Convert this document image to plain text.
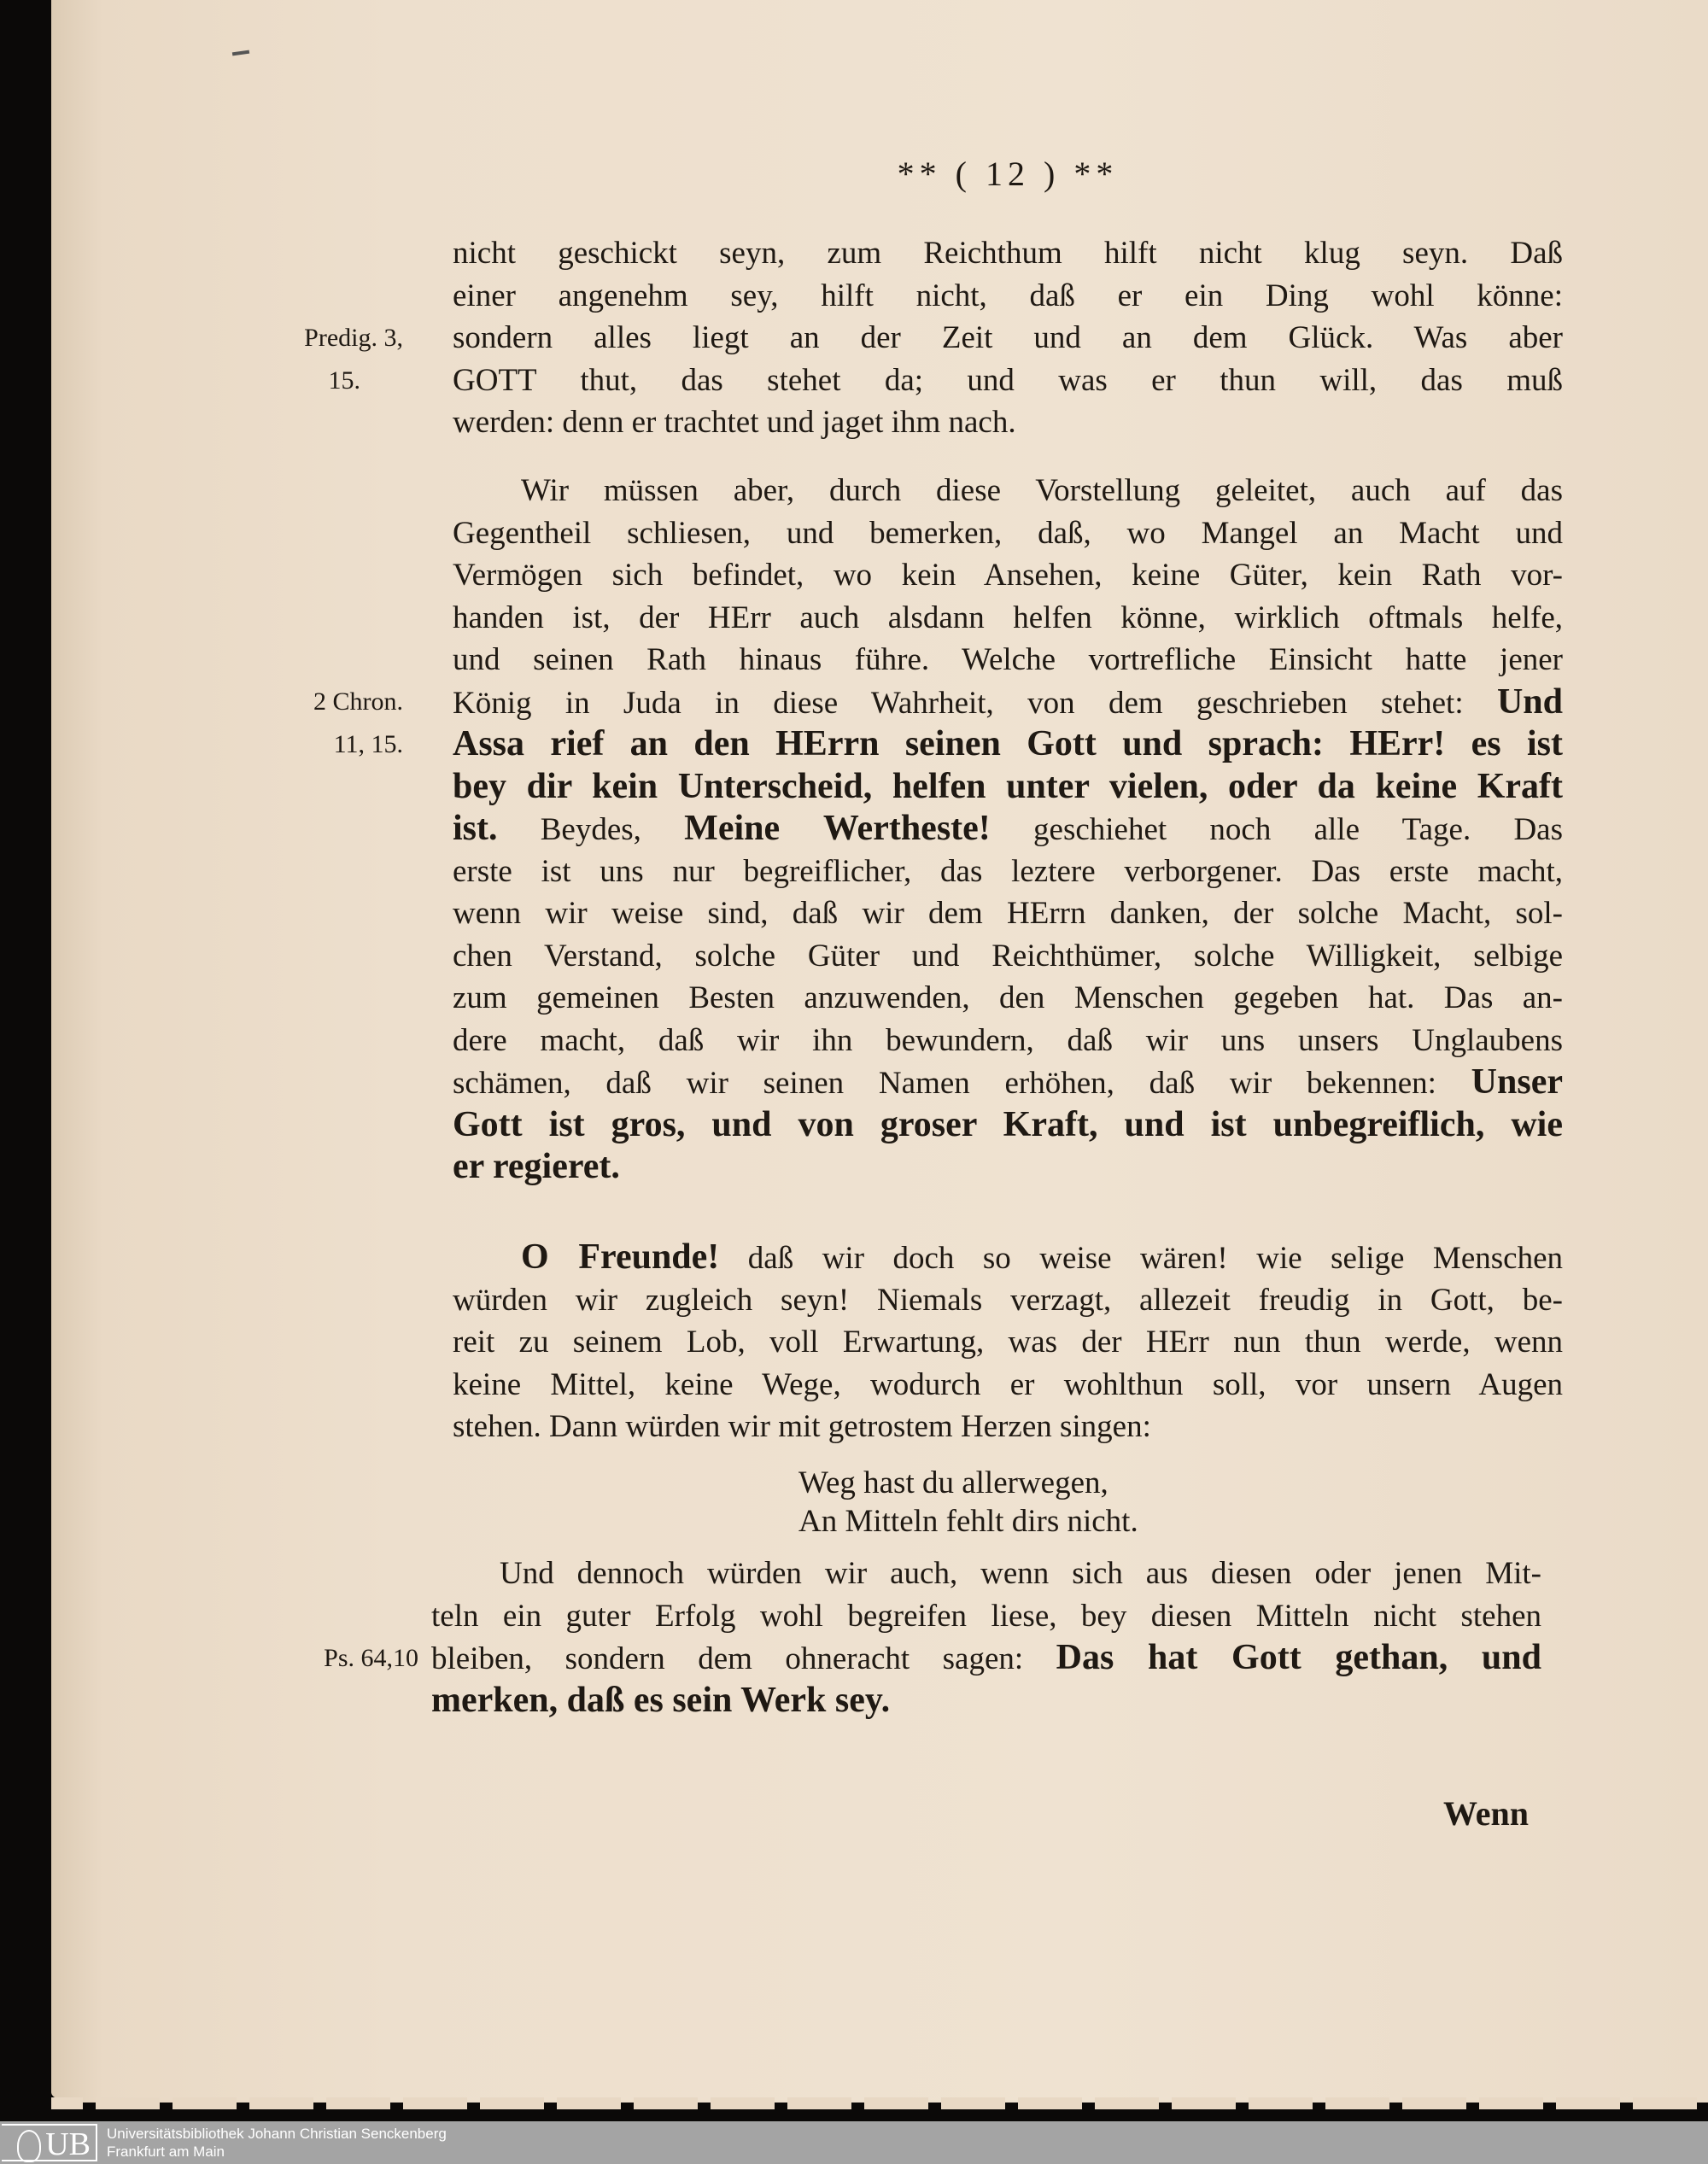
** ( 12 ) **
nicht geschickt seyn, zum Reichthum hilft nicht klug seyn. Daß
einer angenehm sey, hilft nicht, daß er ein Ding wohl könne:
sondern alles liegt an der Zeit und an dem Glück. Was aber
GOTT thut, das stehet da; und was er thun will, das muß
werden: denn er trachtet und jaget ihm nach.
Wir müssen aber, durch diese Vorstellung geleitet, auch auf das
Gegentheil schliesen, und bemerken, daß, wo Mangel an Macht und
Vermögen sich befindet, wo kein Ansehen, keine Güter, kein Rath vor-
handen ist, der HErr auch alsdann helfen könne, wirklich oftmals helfe,
und seinen Rath hinaus führe. Welche vortrefliche Einsicht hatte jener
König in Juda in diese Wahrheit, von dem geschrieben stehet: Und
Assa rief an den HErrn seinen Gott und sprach: HErr! es ist
bey dir kein Unterscheid, helfen unter vielen, oder da keine Kraft
ist. Beydes, Meine Wertheste! geschiehet noch alle Tage. Das
erste ist uns nur begreiflicher, das leztere verborgener. Das erste macht,
wenn wir weise sind, daß wir dem HErrn danken, der solche Macht, sol-
chen Verstand, solche Güter und Reichthümer, solche Willigkeit, selbige
zum gemeinen Besten anzuwenden, den Menschen gegeben hat. Das an-
dere macht, daß wir ihn bewundern, daß wir uns unsers Unglaubens
schämen, daß wir seinen Namen erhöhen, daß wir bekennen: Unser
Gott ist gros, und von groser Kraft, und ist unbegreiflich, wie
er regieret.
O Freunde! daß wir doch so weise wären! wie selige Menschen
würden wir zugleich seyn! Niemals verzagt, allezeit freudig in Gott, be-
reit zu seinem Lob, voll Erwartung, was der HErr nun thun werde, wenn
keine Mittel, keine Wege, wodurch er wohlthun soll, vor unsern Augen
stehen. Dann würden wir mit getrostem Herzen singen:
Und dennoch würden wir auch, wenn sich aus diesen oder jenen Mit-
teln ein guter Erfolg wohl begreifen liese, bey diesen Mitteln nicht stehen
bleiben, sondern dem ohneracht sagen: Das hat Gott gethan, und
merken, daß es sein Werk sey.
Predig. 3,
15.
2 Chron.
11, 15.
Ps. 64,10
Weg hast du allerwegen,
An Mitteln fehlt dirs nicht.
Wenn
UB Universitätsbibliothek Johann Christian Senckenberg
Frankfurt am Main
